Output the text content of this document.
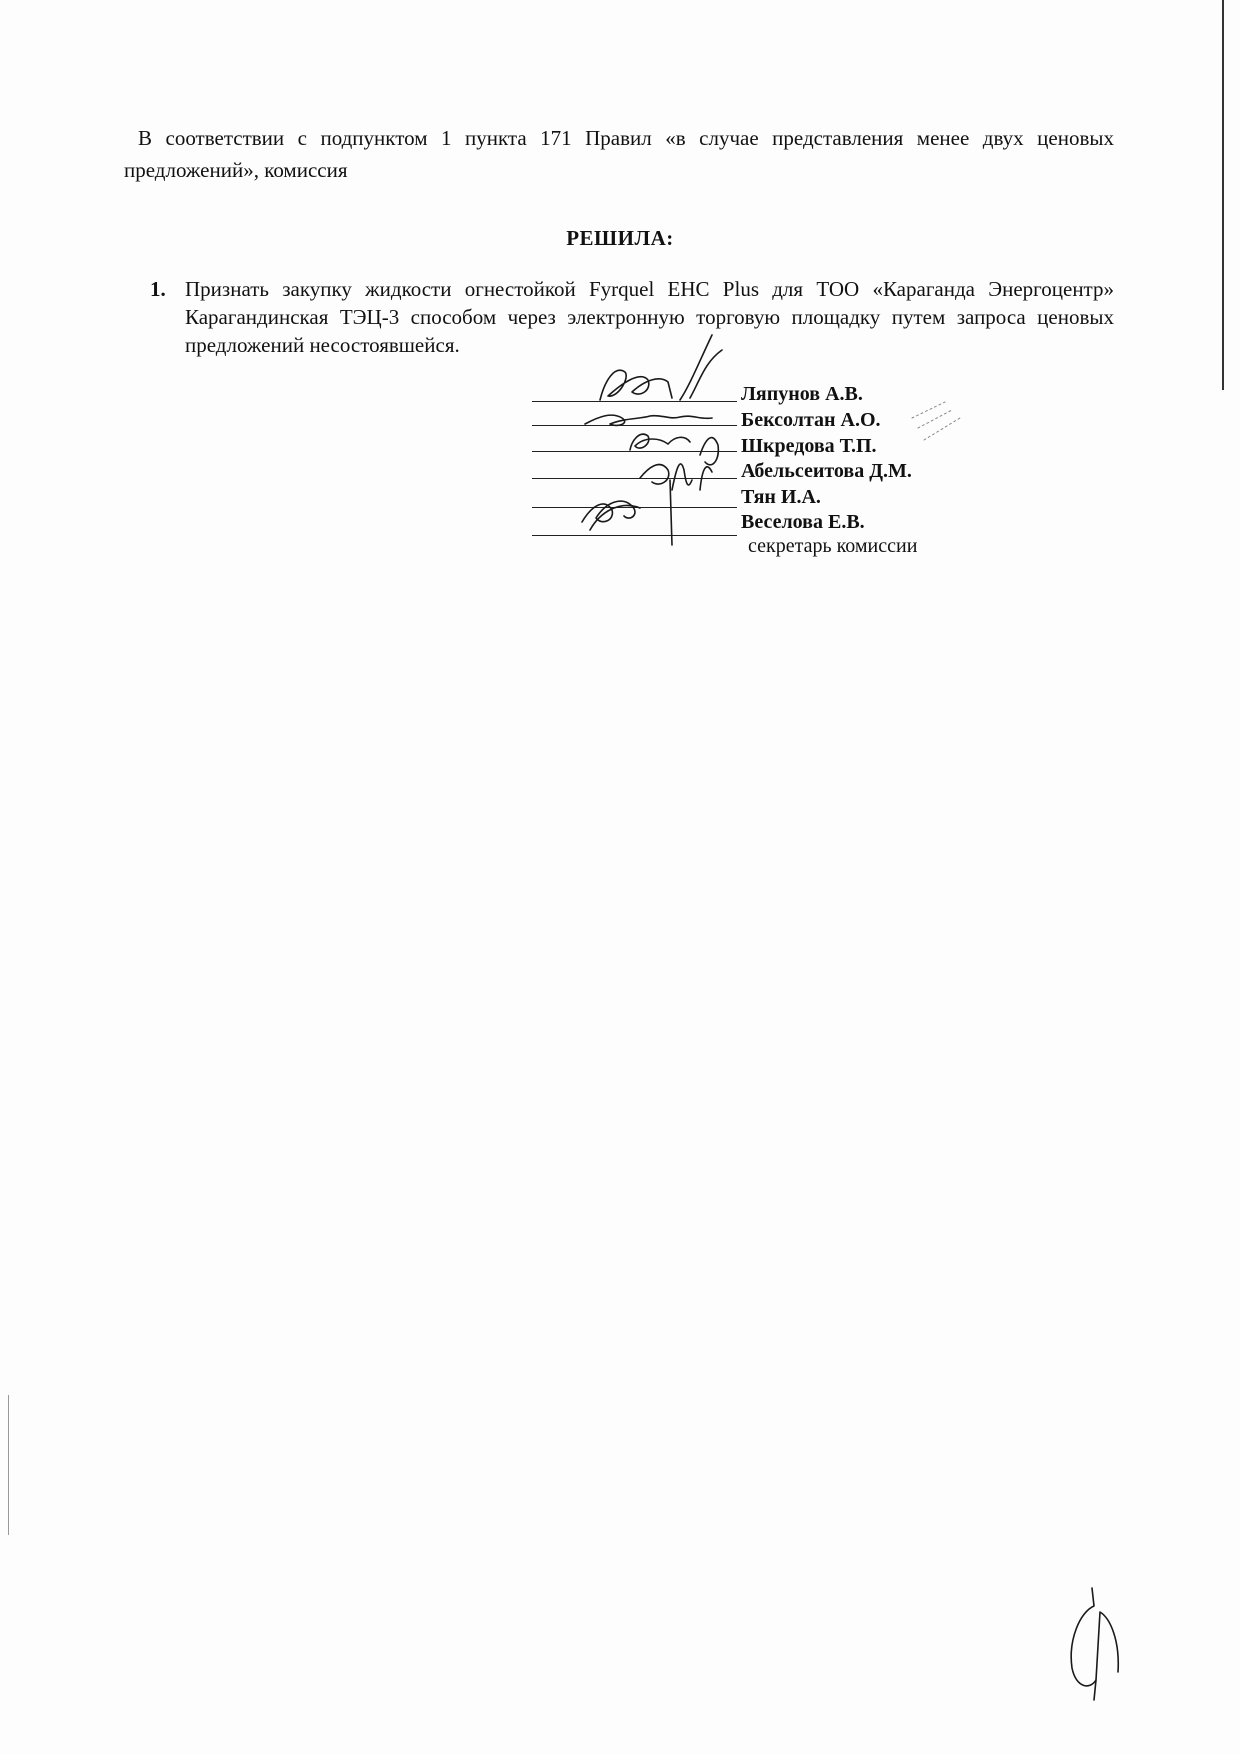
В соответствии с подпунктом 1 пункта 171 Правил «в случае представления менее двух ценовых предложений», комиссия
РЕШИЛА:
1. Признать закупку жидкости огнестойкой Fyrquel EHC Plus для ТОО «Караганда Энергоцентр» Карагандинская ТЭЦ-3 способом через электронную торговую площадку путем запроса ценовых предложений несостоявшейся.
Ляпунов А.В.
Бексолтан А.О.
Шкредова Т.П.
Абельсеитова Д.М.
Тян И.А.
Веселова Е.В.
секретарь комиссии
